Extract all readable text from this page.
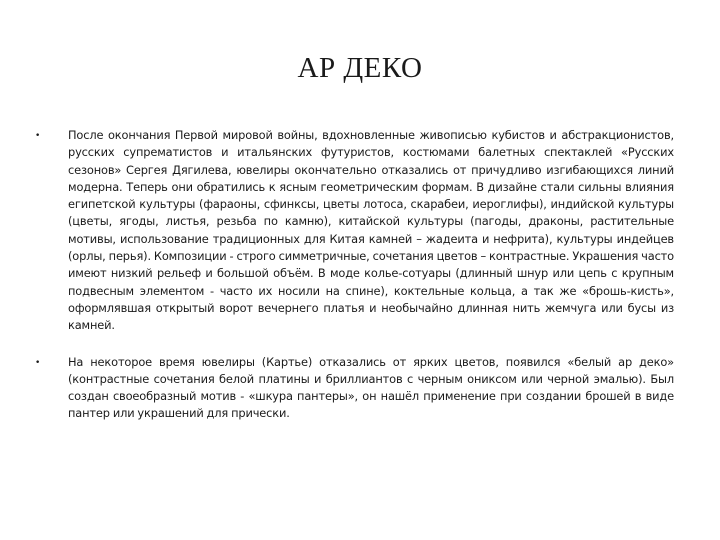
АР ДЕКО
• После окончания Первой мировой войны, вдохновленные живописью кубистов и абстракционистов, русских супрематистов и итальянских футуристов, костюмами балетных спектаклей «Русских сезонов» Сергея Дягилева, ювелиры окончательно отказались от причудливо изгибающихся линий модерна. Теперь они обратились к ясным геометрическим формам. В дизайне стали сильны влияния египетской культуры (фараоны, сфинксы, цветы лотоса, скарабеи, иероглифы), индийской культуры (цветы, ягоды, листья, резьба по камню), китайской культуры (пагоды, драконы, растительные мотивы, использование традиционных для Китая камней – жадеита и нефрита), культуры индейцев (орлы, перья). Композиции - строго симметричные, сочетания цветов – контрастные. Украшения часто имеют низкий рельеф и большой объём. В моде колье-сотуары (длинный шнур или цепь с крупным подвесным элементом - часто их носили на спине), коктельные кольца, а так же «брошь-кисть», оформлявшая открытый ворот вечернего платья и необычайно длинная нить жемчуга или бусы из камней.
• На некоторое время ювелиры (Картье) отказались от ярких цветов, появился «белый ар деко» (контрастные сочетания белой платины и бриллиантов с черным ониксом или черной эмалью). Был создан своеобразный мотив - «шкура пантеры», он нашёл применение при создании брошей в виде пантер или украшений для прически.
